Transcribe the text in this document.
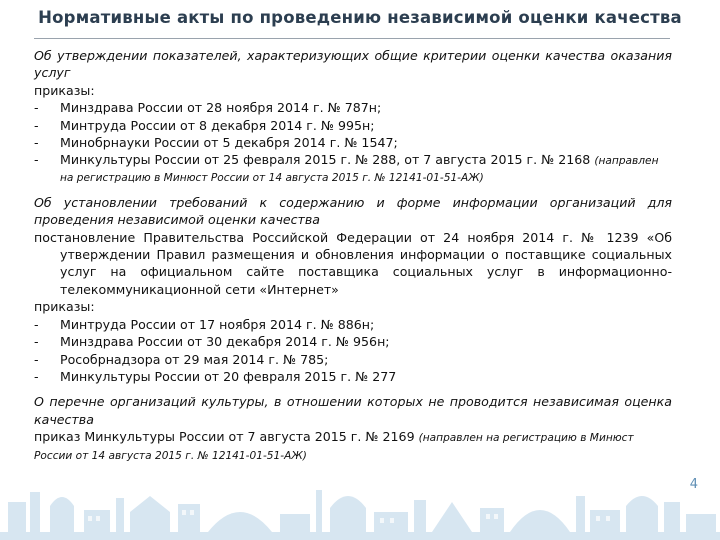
Нормативные акты по проведению независимой оценки качества
Об утверждении показателей, характеризующих общие критерии оценки качества оказания услуг
приказы:
-	Минздрава России от 28 ноября 2014 г. № 787н;
-	Минтруда России от 8 декабря 2014 г. № 995н;
-	Минобрнауки России от 5 декабря 2014 г. № 1547;
-	Минкультуры России от 25 февраля 2015 г. № 288, от 7 августа 2015 г. № 2168 (направлен
на регистрацию в Минюст России от 14 августа 2015 г. № 12141-01-51-АЖ)
Об установлении требований к содержанию и форме информации организаций для проведения независимой оценки качества
постановление Правительства Российской Федерации от 24 ноября 2014 г. № 1239 «Об
утверждении Правил размещения и обновления информации о поставщике социальных услуг на официальном сайте поставщика социальных услуг в информационно-телекоммуникационной сети «Интернет»
приказы:
-	Минтруда России от 17 ноября 2014 г. № 886н;
-	Минздрава России от 30 декабря 2014 г. № 956н;
-	Рособрнадзора от 29 мая 2014 г. № 785;
-	Минкультуры России от 20 февраля 2015 г. № 277
О перечне организаций культуры, в отношении которых не проводится независимая оценка качества
приказ Минкультуры России от 7 августа 2015 г. № 2169 (направлен на регистрацию в Минюст
России от 14 августа 2015 г. № 12141-01-51-АЖ)
4
